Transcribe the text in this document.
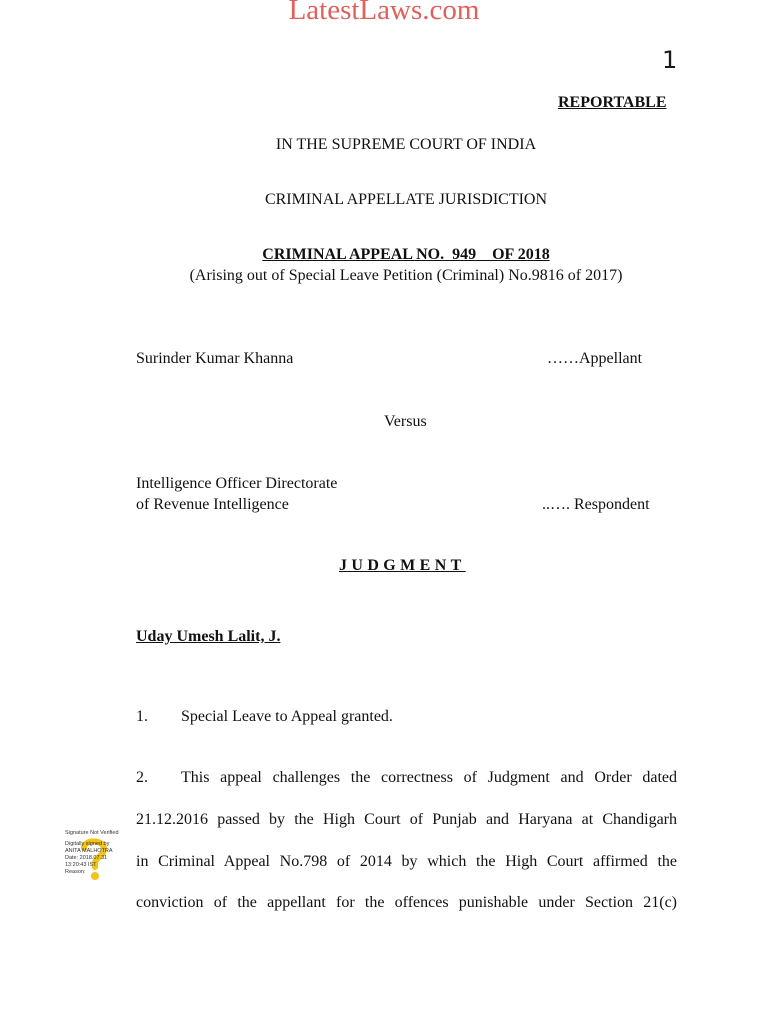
LatestLaws.com
1
REPORTABLE
IN THE SUPREME COURT OF INDIA
CRIMINAL APPELLATE JURISDICTION
CRIMINAL APPEAL NO.  949    OF 2018
(Arising out of Special Leave Petition (Criminal) No.9816 of 2017)
Surinder Kumar Khanna	……Appellant
Versus
Intelligence Officer Directorate
of Revenue Intelligence	..…. Respondent
JUDGMENT
Uday Umesh Lalit, J.
1. Special Leave to Appeal granted.
2. This appeal challenges the correctness of Judgment and Order dated
21.12.2016 passed by the High Court of Punjab and Haryana at Chandigarh
in Criminal Appeal No.798 of 2014 by which the High Court affirmed the
conviction of the appellant for the offences punishable under Section 21(c)
Signature Not Verified
Digitally signed by
ANITA MALHOTRA
Date: 2018.07.31
13:20:43 IST
Reason:
